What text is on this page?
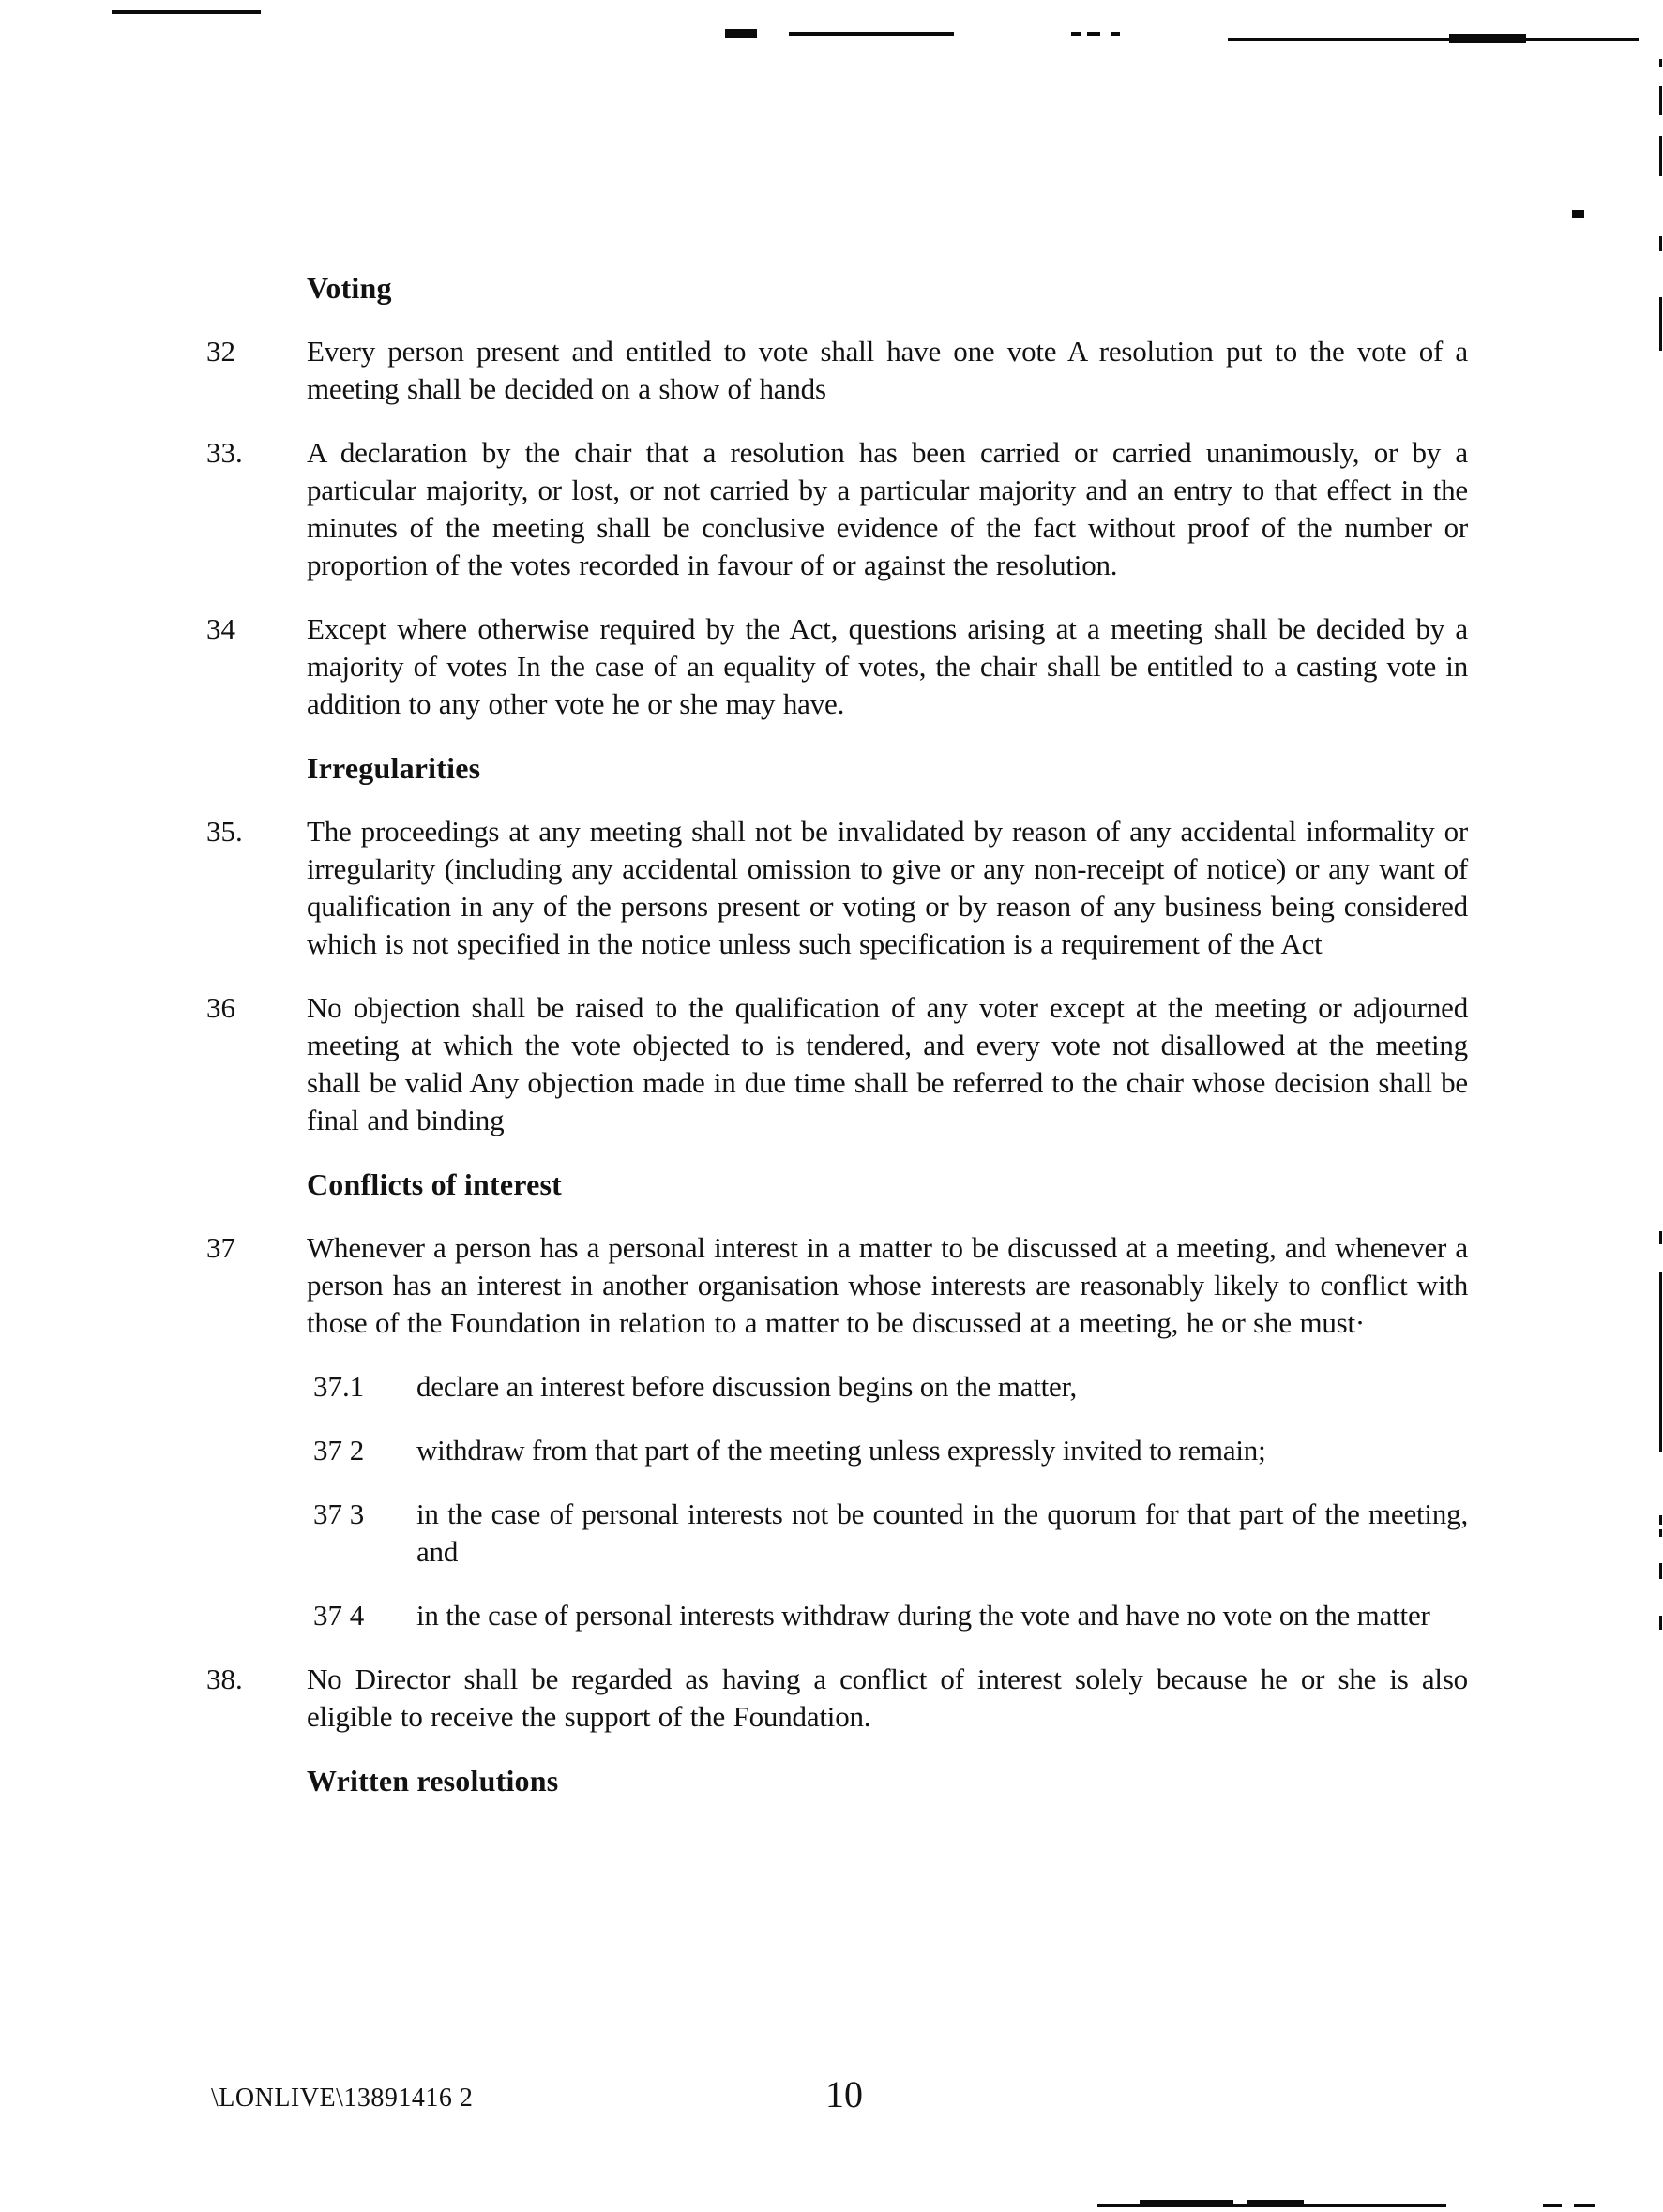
Voting
32	Every person present and entitled to vote shall have one vote A resolution put to the vote of a meeting shall be decided on a show of hands
33.	A declaration by the chair that a resolution has been carried or carried unanimously, or by a particular majority, or lost, or not carried by a particular majority and an entry to that effect in the minutes of the meeting shall be conclusive evidence of the fact without proof of the number or proportion of the votes recorded in favour of or against the resolution.
34	Except where otherwise required by the Act, questions arising at a meeting shall be decided by a majority of votes In the case of an equality of votes, the chair shall be entitled to a casting vote in addition to any other vote he or she may have.
Irregularities
35.	The proceedings at any meeting shall not be invalidated by reason of any accidental informality or irregularity (including any accidental omission to give or any non-receipt of notice) or any want of qualification in any of the persons present or voting or by reason of any business being considered which is not specified in the notice unless such specification is a requirement of the Act
36	No objection shall be raised to the qualification of any voter except at the meeting or adjourned meeting at which the vote objected to is tendered, and every vote not disallowed at the meeting shall be valid Any objection made in due time shall be referred to the chair whose decision shall be final and binding
Conflicts of interest
37	Whenever a person has a personal interest in a matter to be discussed at a meeting, and whenever a person has an interest in another organisation whose interests are reasonably likely to conflict with those of the Foundation in relation to a matter to be discussed at a meeting, he or she must·
37.1	declare an interest before discussion begins on the matter,
37 2	withdraw from that part of the meeting unless expressly invited to remain;
37 3	in the case of personal interests not be counted in the quorum for that part of the meeting, and
37 4	in the case of personal interests withdraw during the vote and have no vote on the matter
38.	No Director shall be regarded as having a conflict of interest solely because he or she is also eligible to receive the support of the Foundation.
Written resolutions
\LONLIVE\13891416 2	10
